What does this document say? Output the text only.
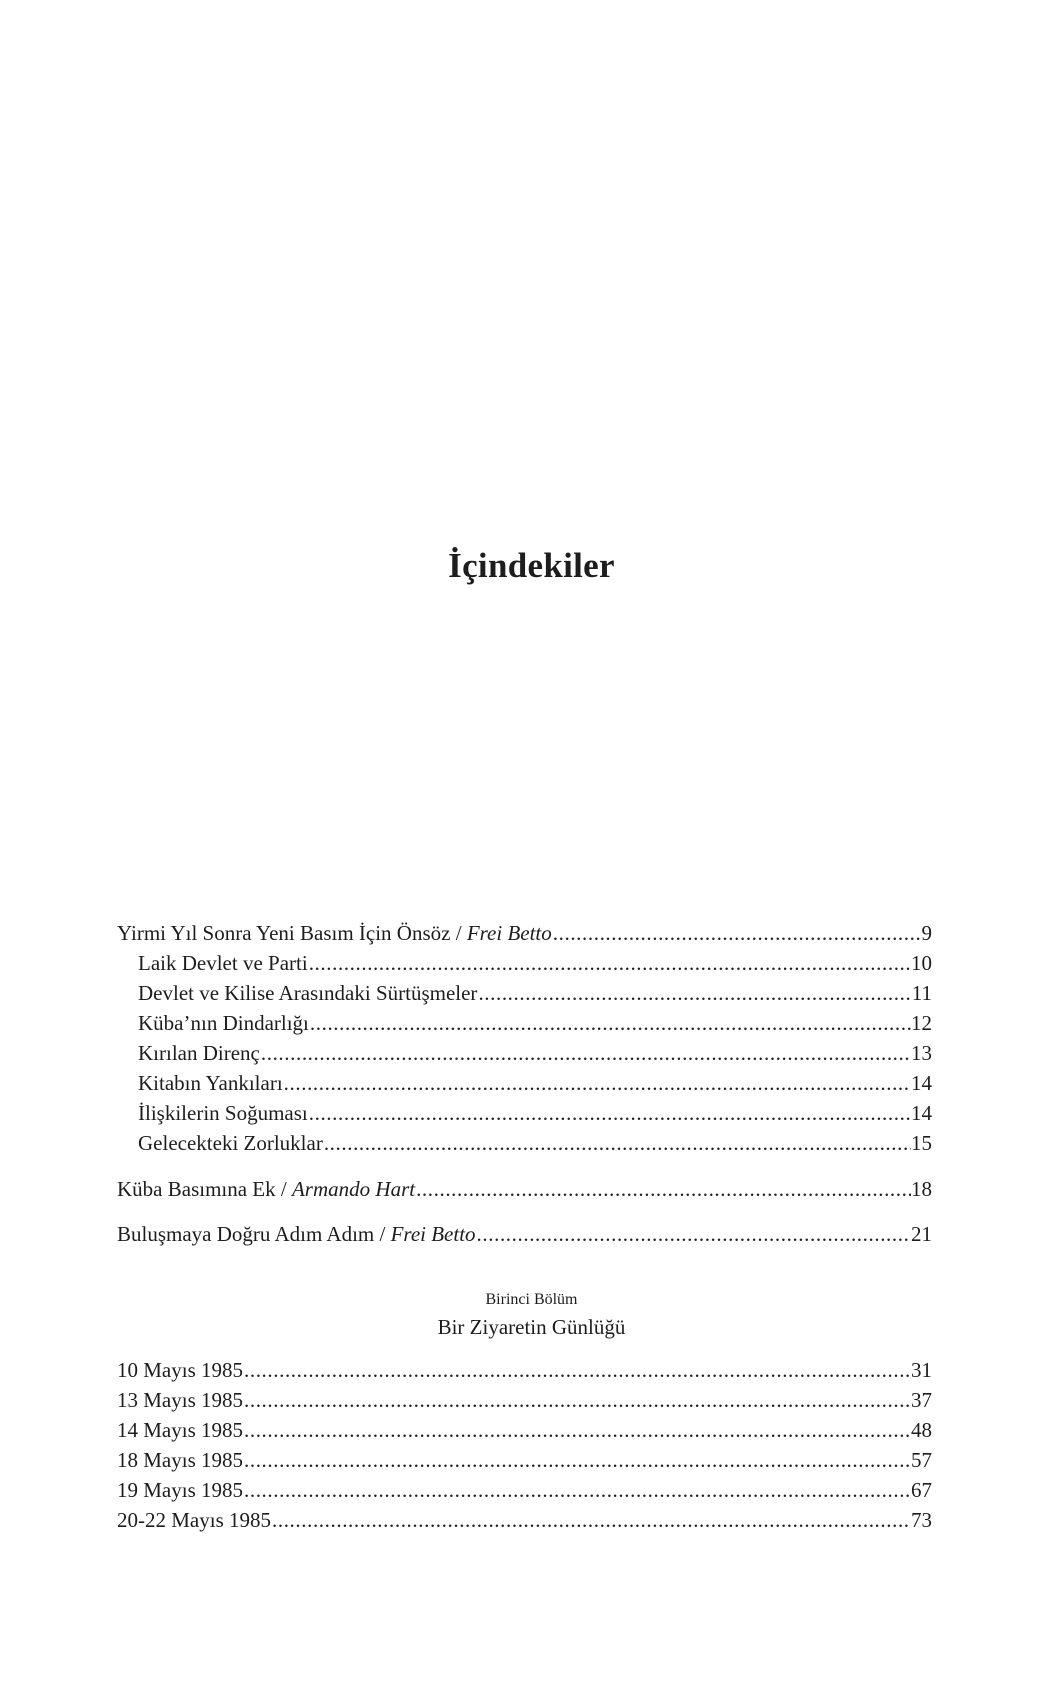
İçindekiler
Yirmi Yıl Sonra Yeni Basım İçin Önsöz / Frei Betto .....	9
Laik Devlet ve Parti .....	10
Devlet ve Kilise Arasındaki Sürtüşmeler .....	11
Küba’nın Dindarlığı .....	12
Kırılan Direnç .....	13
Kitabın Yankıları .....	14
İlişkilerin Soğuması .....	14
Gelecekteki Zorluklar .....	15
Küba Basımına Ek / Armando Hart .....	18
Buluşmaya Doğru Adım Adım / Frei Betto .....	21
10 Mayıs 1985 .....	31
13 Mayıs 1985 .....	37
14 Mayıs 1985 .....	48
18 Mayıs 1985 .....	57
19 Mayıs 1985 .....	67
20-22 Mayıs 1985 .....	73
Birinci Bölüm
Bir Ziyaretin Günlüğü
